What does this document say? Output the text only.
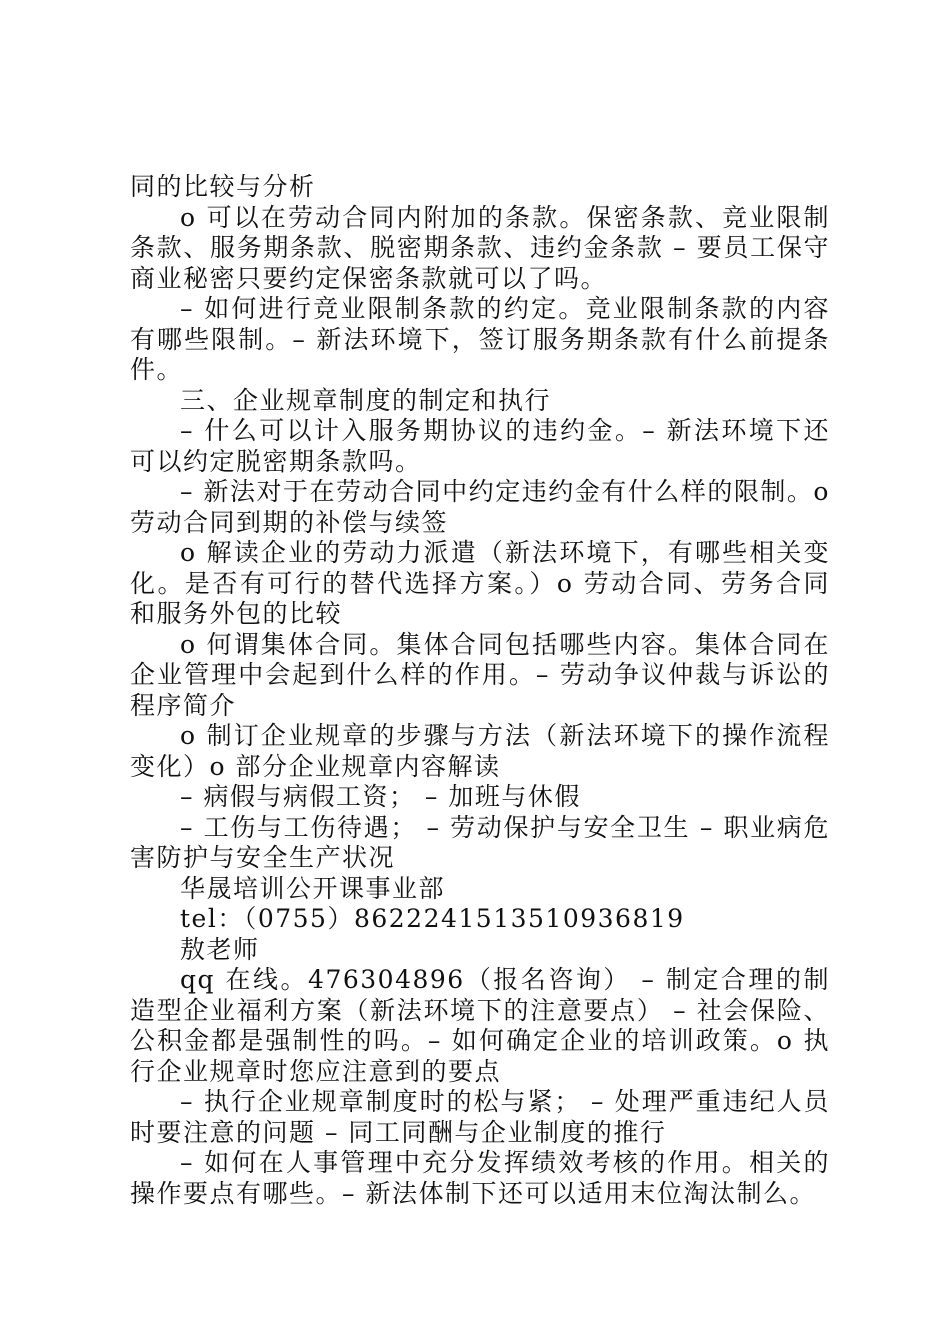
同的比较与分析

o 可以在劳动合同内附加的条款。保密条款、竞业限制条款、服务期条款、脱密期条款、违约金条款 – 要员工保守商业秘密只要约定保密条款就可以了吗。

– 如何进行竞业限制条款的约定。竞业限制条款的内容有哪些限制。– 新法环境下，签订服务期条款有什么前提条件。

三、企业规章制度的制定和执行

– 什么可以计入服务期协议的违约金。– 新法环境下还可以约定脱密期条款吗。

– 新法对于在劳动合同中约定违约金有什么样的限制。o 劳动合同到期的补偿与续签

o 解读企业的劳动力派遣（新法环境下，有哪些相关变化。是否有可行的替代选择方案。）o 劳动合同、劳务合同和服务外包的比较

o 何谓集体合同。集体合同包括哪些内容。集体合同在企业管理中会起到什么样的作用。– 劳动争议仲裁与诉讼的程序简介

o 制订企业规章的步骤与方法（新法环境下的操作流程变化）o 部分企业规章内容解读

– 病假与病假工资； – 加班与休假

– 工伤与工伤待遇； – 劳动保护与安全卫生 – 职业病危害防护与安全生产状况

华晟培训公开课事业部

tel：（0755）8622241513510936819

敖老师

qq 在线。476304896（报名咨询） – 制定合理的制造型企业福利方案（新法环境下的注意要点） – 社会保险、公积金都是强制性的吗。– 如何确定企业的培训政策。o 执行企业规章时您应注意到的要点

– 执行企业规章制度时的松与紧； – 处理严重违纪人员时要注意的问题 – 同工同酬与企业制度的推行

– 如何在人事管理中充分发挥绩效考核的作用。相关的操作要点有哪些。– 新法体制下还可以适用末位淘汰制么。
